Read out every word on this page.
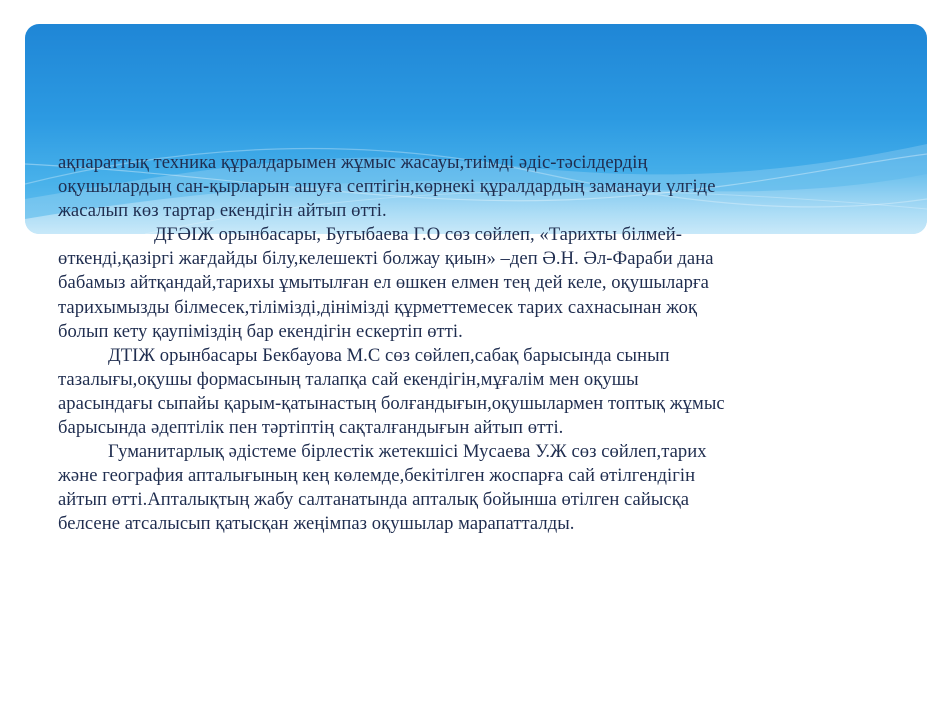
ақпараттық техника құралдарымен жұмыс жасауы,тиімді әдіс-тәсілдердің
оқушылардың сан-қырларын ашуға септігін,көрнекі құралдардың заманауи үлгіде
жасалып көз тартар екендігін айтып өтті.
ДҒӘІЖ орынбасары, Бугыбаева Г.О сөз сөйлеп, «Тарихты білмей-
өткенді,қазіргі жағдайды білу,келешекті болжау қиын» –деп Ә.Н. Әл-Фараби дана
бабамыз айтқандай,тарихы ұмытылған ел өшкен елмен тең дей келе, оқушыларға
тарихымызды білмесек,тілімізді,дінімізді құрметтемесек тарих сахнасынан жоқ
болып кету қаупіміздің бар екендігін ескертіп өтті.
ДТІЖ орынбасары Бекбауова М.С сөз сөйлеп,сабақ барысында сынып
тазалығы,оқушы формасының талапқа сай екендігін,мұғалім мен оқушы
арасындағы сыпайы қарым-қатынастың болғандығын,оқушылармен топтық жұмыс
барысында әдептілік пен тәртіптің сақталғандығын айтып өтті.
Гуманитарлық әдістеме бірлестік жетекшісі Мусаева У.Ж сөз сөйлеп,тарих
және география апталығының кең көлемде,бекітілген жоспарға сай өтілгендігін
айтып өтті.Апталықтың жабу салтанатында апталық бойынша өтілген сайысқа
белсене атсалысып қатысқан жеңімпаз оқушылар марапатталды.
